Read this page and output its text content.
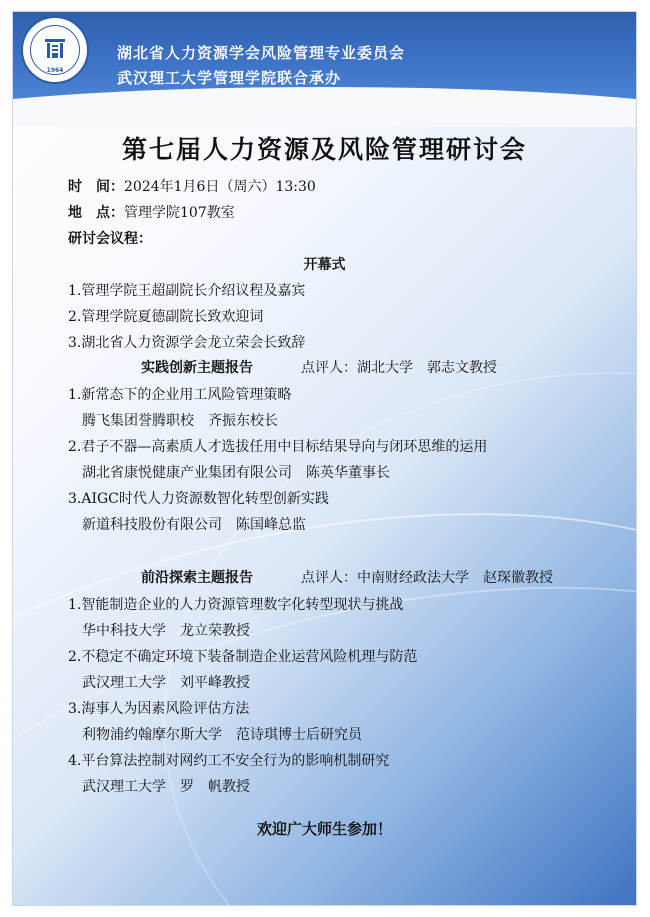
1964
湖北省人力资源学会风险管理专业委员会
武汉理工大学管理学院联合承办
第七届人力资源及风险管理研讨会
时　间：2024年1月6日（周六）13:30
地　点：管理学院107教室
研讨会议程：
开幕式
1.管理学院王超副院长介绍议程及嘉宾
2.管理学院夏德副院长致欢迎词
3.湖北省人力资源学会龙立荣会长致辞
实践创新主题报告	点评人：湖北大学　郭志文教授
1.新常态下的企业用工风险管理策略
腾飞集团誉腾职校　齐振东校长
2.君子不器—高素质人才选拔任用中目标结果导向与闭环思维的运用
湖北省康悦健康产业集团有限公司　陈英华董事长
3.AIGC时代人力资源数智化转型创新实践
新道科技股份有限公司　陈国峰总监
前沿探索主题报告	点评人：中南财经政法大学　赵琛徽教授
1.智能制造企业的人力资源管理数字化转型现状与挑战
华中科技大学　龙立荣教授
2.不稳定不确定环境下装备制造企业运营风险机理与防范
武汉理工大学　刘平峰教授
3.海事人为因素风险评估方法
利物浦约翰摩尔斯大学　范诗琪博士后研究员
4.平台算法控制对网约工不安全行为的影响机制研究
武汉理工大学　罗　帆教授
欢迎广大师生参加！
